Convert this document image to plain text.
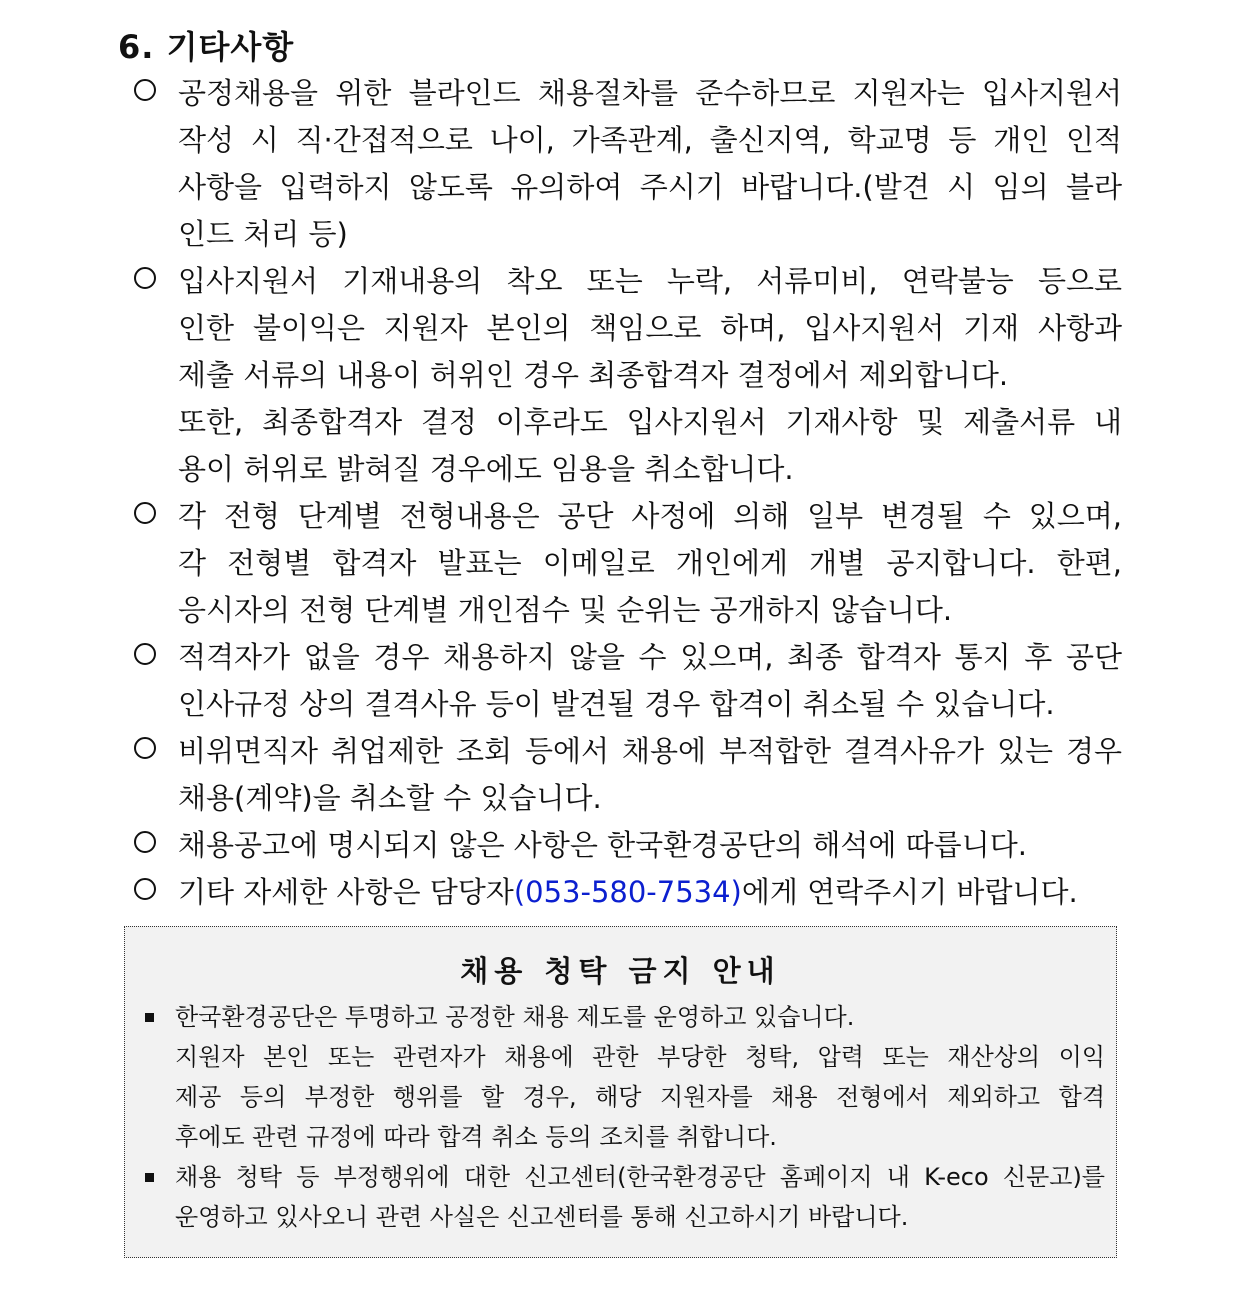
6. 기타사항

공정채용을 위한 블라인드 채용절차를 준수하므로 지원자는 입사지원서
작성 시 직·간접적으로 나이, 가족관계, 출신지역, 학교명 등 개인 인적
사항을 입력하지 않도록 유의하여 주시기 바랍니다.(발견 시 임의 블라
인드 처리 등)

입사지원서 기재내용의 착오 또는 누락, 서류미비, 연락불능 등으로
인한 불이익은 지원자 본인의 책임으로 하며, 입사지원서 기재 사항과
제출 서류의 내용이 허위인 경우 최종합격자 결정에서 제외합니다.
또한, 최종합격자 결정 이후라도 입사지원서 기재사항 및 제출서류 내
용이 허위로 밝혀질 경우에도 임용을 취소합니다.

각 전형 단계별 전형내용은 공단 사정에 의해 일부 변경될 수 있으며,
각 전형별 합격자 발표는 이메일로 개인에게 개별 공지합니다. 한편,
응시자의 전형 단계별 개인점수 및 순위는 공개하지 않습니다.

적격자가 없을 경우 채용하지 않을 수 있으며, 최종 합격자 통지 후 공단
인사규정 상의 결격사유 등이 발견될 경우 합격이 취소될 수 있습니다.

비위면직자 취업제한 조회 등에서 채용에 부적합한 결격사유가 있는 경우
채용(계약)을 취소할 수 있습니다.

채용공고에 명시되지 않은 사항은 한국환경공단의 해석에 따릅니다.

기타 자세한 사항은 담당자(053-580-7534)에게 연락주시기 바랍니다.

채용 청탁 금지 안내
한국환경공단은 투명하고 공정한 채용 제도를 운영하고 있습니다.
지원자 본인 또는 관련자가 채용에 관한 부당한 청탁, 압력 또는 재산상의 이익
제공 등의 부정한 행위를 할 경우, 해당 지원자를 채용 전형에서 제외하고 합격
후에도 관련 규정에 따라 합격 취소 등의 조치를 취합니다.
채용 청탁 등 부정행위에 대한 신고센터(한국환경공단 홈페이지 내 K-eco 신문고)를
운영하고 있사오니 관련 사실은 신고센터를 통해 신고하시기 바랍니다.
